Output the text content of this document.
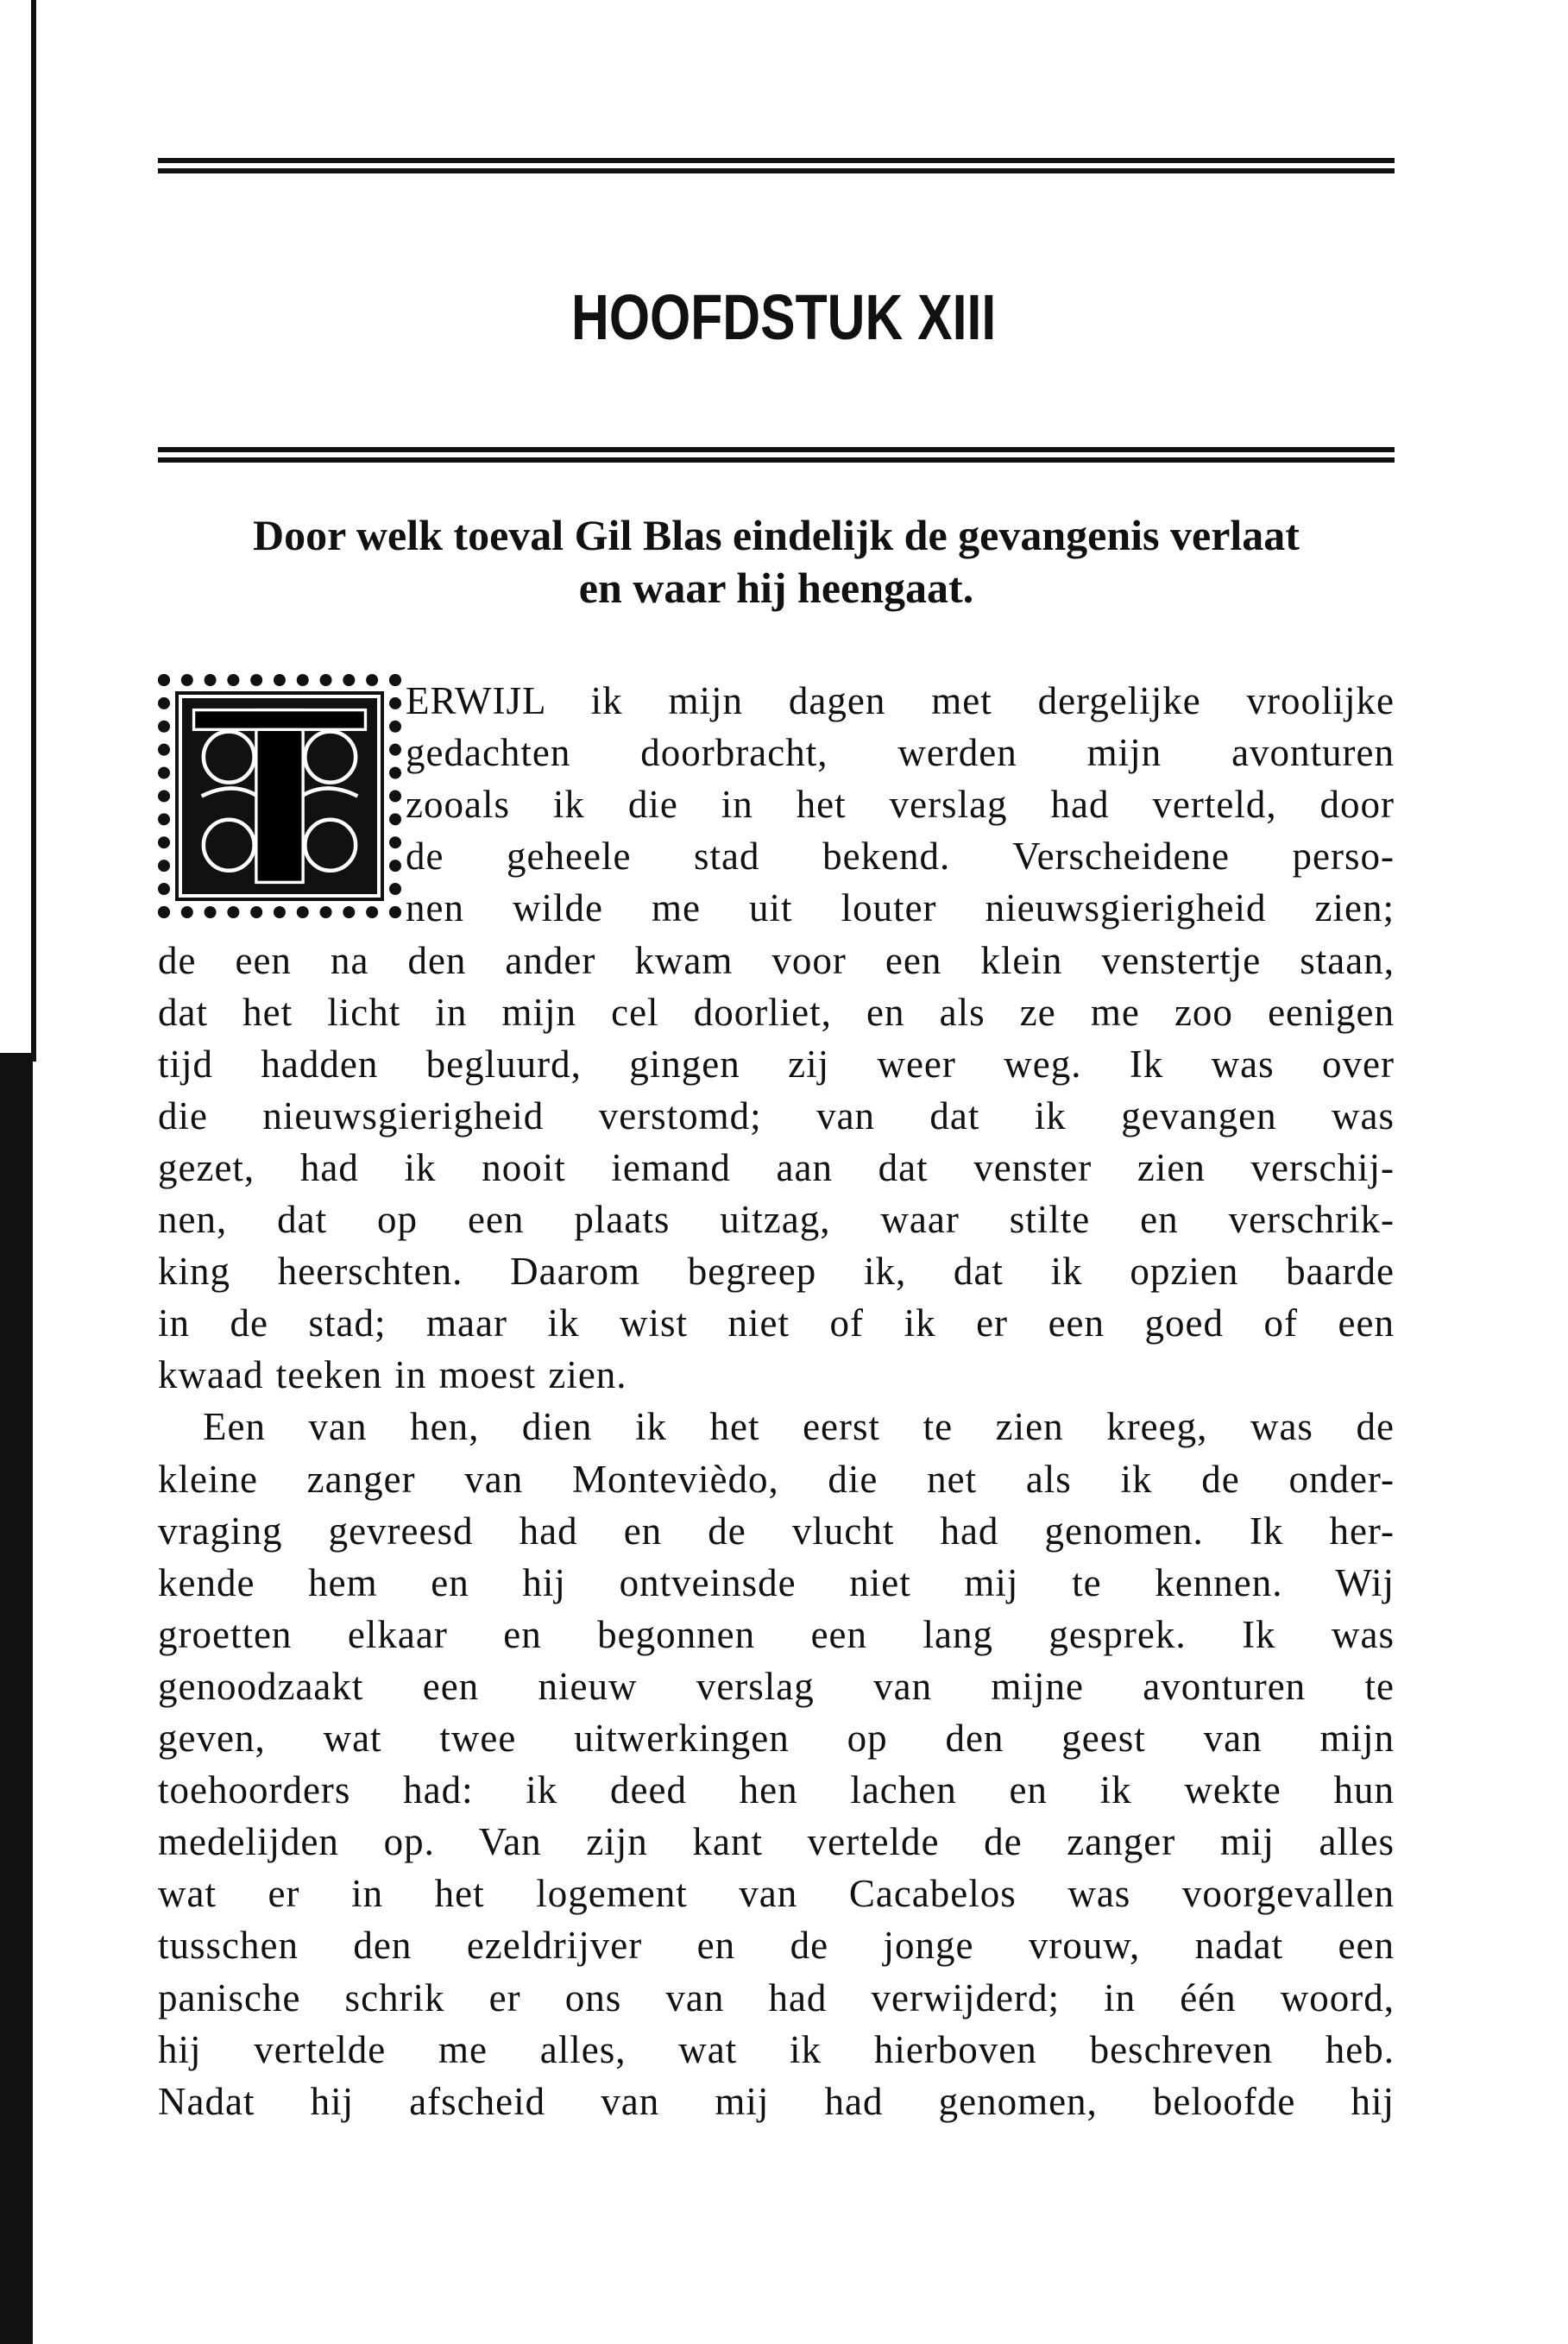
HOOFDSTUK XIII
Door welk toeval Gil Blas eindelijk de gevangenis verlaat
en waar hij heengaat.
ERWIJL ik mijn dagen met dergelijke vroolijke
gedachten doorbracht, werden mijn avonturen
zooals ik die in het verslag had verteld, door
de geheele stad bekend. Verscheidene perso-
nen wilde me uit louter nieuwsgierigheid zien;
de een na den ander kwam voor een klein venstertje staan,
dat het licht in mijn cel doorliet, en als ze me zoo eenigen
tijd hadden begluurd, gingen zij weer weg. Ik was over
die nieuwsgierigheid verstomd; van dat ik gevangen was
gezet, had ik nooit iemand aan dat venster zien verschij-
nen, dat op een plaats uitzag, waar stilte en verschrik-
king heerschten. Daarom begreep ik, dat ik opzien baarde
in de stad; maar ik wist niet of ik er een goed of een
kwaad teeken in moest zien.
Een van hen, dien ik het eerst te zien kreeg, was de
kleine zanger van Montevièdo, die net als ik de onder-
vraging gevreesd had en de vlucht had genomen. Ik her-
kende hem en hij ontveinsde niet mij te kennen. Wij
groetten elkaar en begonnen een lang gesprek. Ik was
genoodzaakt een nieuw verslag van mijne avonturen te
geven, wat twee uitwerkingen op den geest van mijn
toehoorders had: ik deed hen lachen en ik wekte hun
medelijden op. Van zijn kant vertelde de zanger mij alles
wat er in het logement van Cacabelos was voorgevallen
tusschen den ezeldrijver en de jonge vrouw, nadat een
panische schrik er ons van had verwijderd; in één woord,
hij vertelde me alles, wat ik hierboven beschreven heb.
Nadat hij afscheid van mij had genomen, beloofde hij
